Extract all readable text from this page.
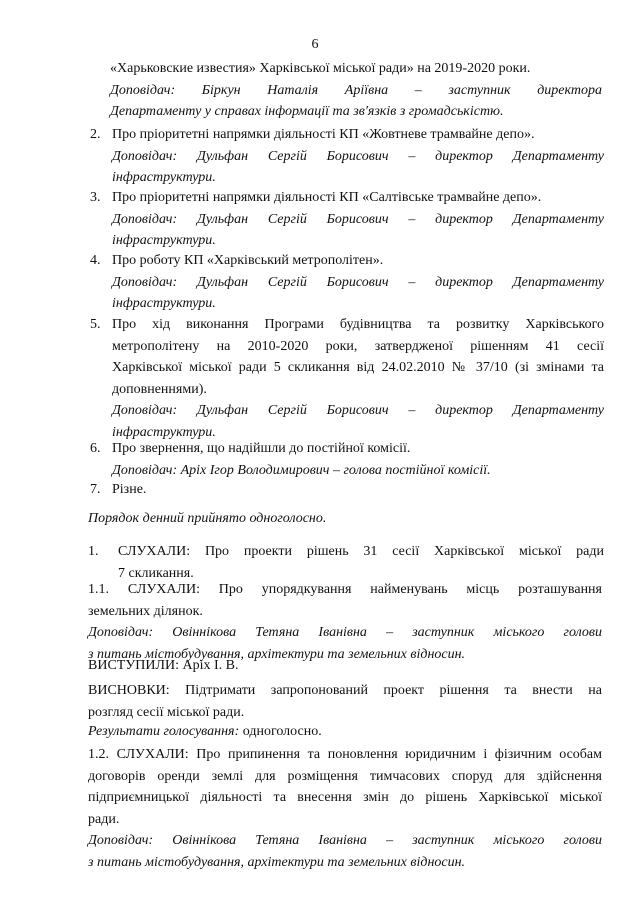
6
«Харьковские известия» Харківської міської ради» на 2019-2020 роки.
Доповідач: Біркун Наталія Аріївна – заступник директора
Департаменту у справах інформації та зв'язків з громадськістю.
2. Про пріоритетні напрямки діяльності КП «Жовтневе трамвайне депо».
Доповідач: Дульфан Сергій Борисович – директор Департаменту
інфраструктури.
3. Про пріоритетні напрямки діяльності КП «Салтівське трамвайне депо».
Доповідач: Дульфан Сергій Борисович – директор Департаменту
інфраструктури.
4. Про роботу КП «Харківський метрополітен».
Доповідач: Дульфан Сергій Борисович – директор Департаменту
інфраструктури.
5. Про хід виконання Програми будівництва та розвитку Харківського
метрополітену на 2010-2020 роки, затвердженої рішенням 41 сесії
Харківської міської ради 5 скликання від 24.02.2010 № 37/10 (зі змінами та
доповненнями).
Доповідач: Дульфан Сергій Борисович – директор Департаменту
інфраструктури.
6. Про звернення, що надійшли до постійної комісії.
Доповідач: Аріх Ігор Володимирович – голова постійної комісії.
7. Різне.
Порядок денний прийнято одноголосно.
1. СЛУХАЛИ: Про проекти рішень 31 сесії Харківської міської ради
7 скликання.
1.1. СЛУХАЛИ: Про упорядкування найменувань місць розташування
земельних ділянок.
Доповідач: Овіннікова Тетяна Іванівна – заступник міського голови
з питань містобудування, архітектури та земельних відносин.
ВИСТУПИЛИ: Аріх І. В.
ВИСНОВКИ: Підтримати запропонований проект рішення та внести на
розгляд сесії міської ради.
Результати голосування: одноголосно.
1.2. СЛУХАЛИ: Про припинення та поновлення юридичним і фізичним особам
договорів оренди землі для розміщення тимчасових споруд для здійснення
підприємницької діяльності та внесення змін до рішень Харківської міської
ради.
Доповідач: Овіннікова Тетяна Іванівна – заступник міського голови
з питань містобудування, архітектури та земельних відносин.
